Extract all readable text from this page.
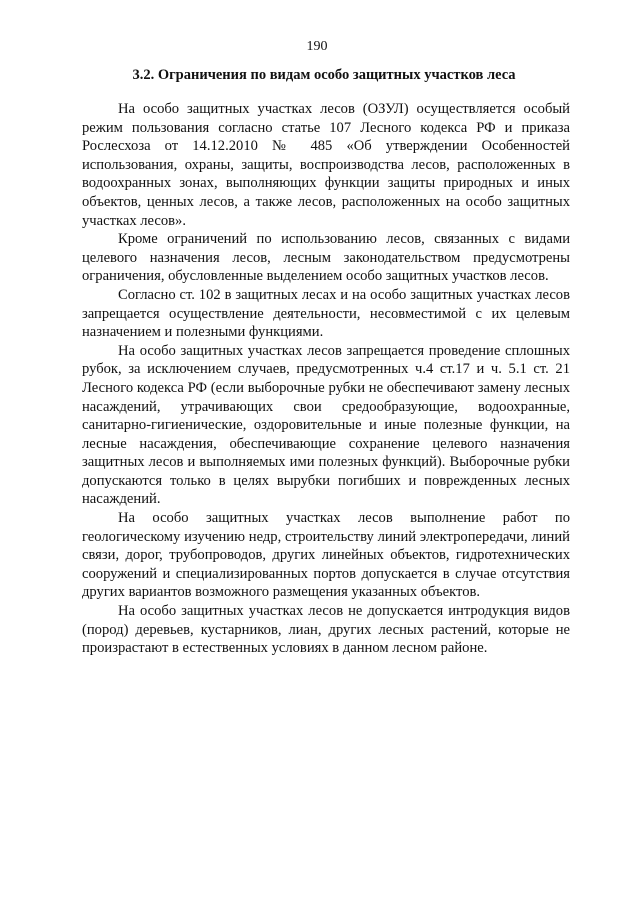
190
3.2. Ограничения по видам особо защитных участков леса

На особо защитных участках лесов (ОЗУЛ) осуществляется особый режим пользования согласно статье 107 Лесного кодекса РФ и приказа Рослесхоза от 14.12.2010 № 485 «Об утверждении Особенностей использования, охраны, защиты, воспроизводства лесов, расположенных в водоохранных зонах, выполняющих функции защиты природных и иных объектов, ценных лесов, а также лесов, расположенных на особо защитных участках лесов».

Кроме ограничений по использованию лесов, связанных с видами целевого назначения лесов, лесным законодательством предусмотрены ограничения, обусловленные выделением особо защитных участков лесов.

Согласно ст. 102 в защитных лесах и на особо защитных участках лесов запрещается осуществление деятельности, несовместимой с их целевым назначением и полезными функциями.

На особо защитных участках лесов запрещается проведение сплошных рубок, за исключением случаев, предусмотренных ч.4 ст.17 и ч. 5.1 ст. 21 Лесного кодекса РФ (если выборочные рубки не обеспечивают замену лесных насаждений, утрачивающих свои средообразующие, водоохранные, санитарно-гигиенические, оздоровительные и иные полезные функции, на лесные насаждения, обеспечивающие сохранение целевого назначения защитных лесов и выполняемых ими полезных функций). Выборочные рубки допускаются только в целях вырубки погибших и поврежденных лесных насаждений.

На особо защитных участках лесов выполнение работ по геологическому изучению недр, строительству линий электропередачи, линий связи, дорог, трубопроводов, других линейных объектов, гидротехнических сооружений и специализированных портов допускается в случае отсутствия других вариантов возможного размещения указанных объектов.

На особо защитных участках лесов не допускается интродукция видов (пород) деревьев, кустарников, лиан, других лесных растений, которые не произрастают в естественных условиях в данном лесном районе.
